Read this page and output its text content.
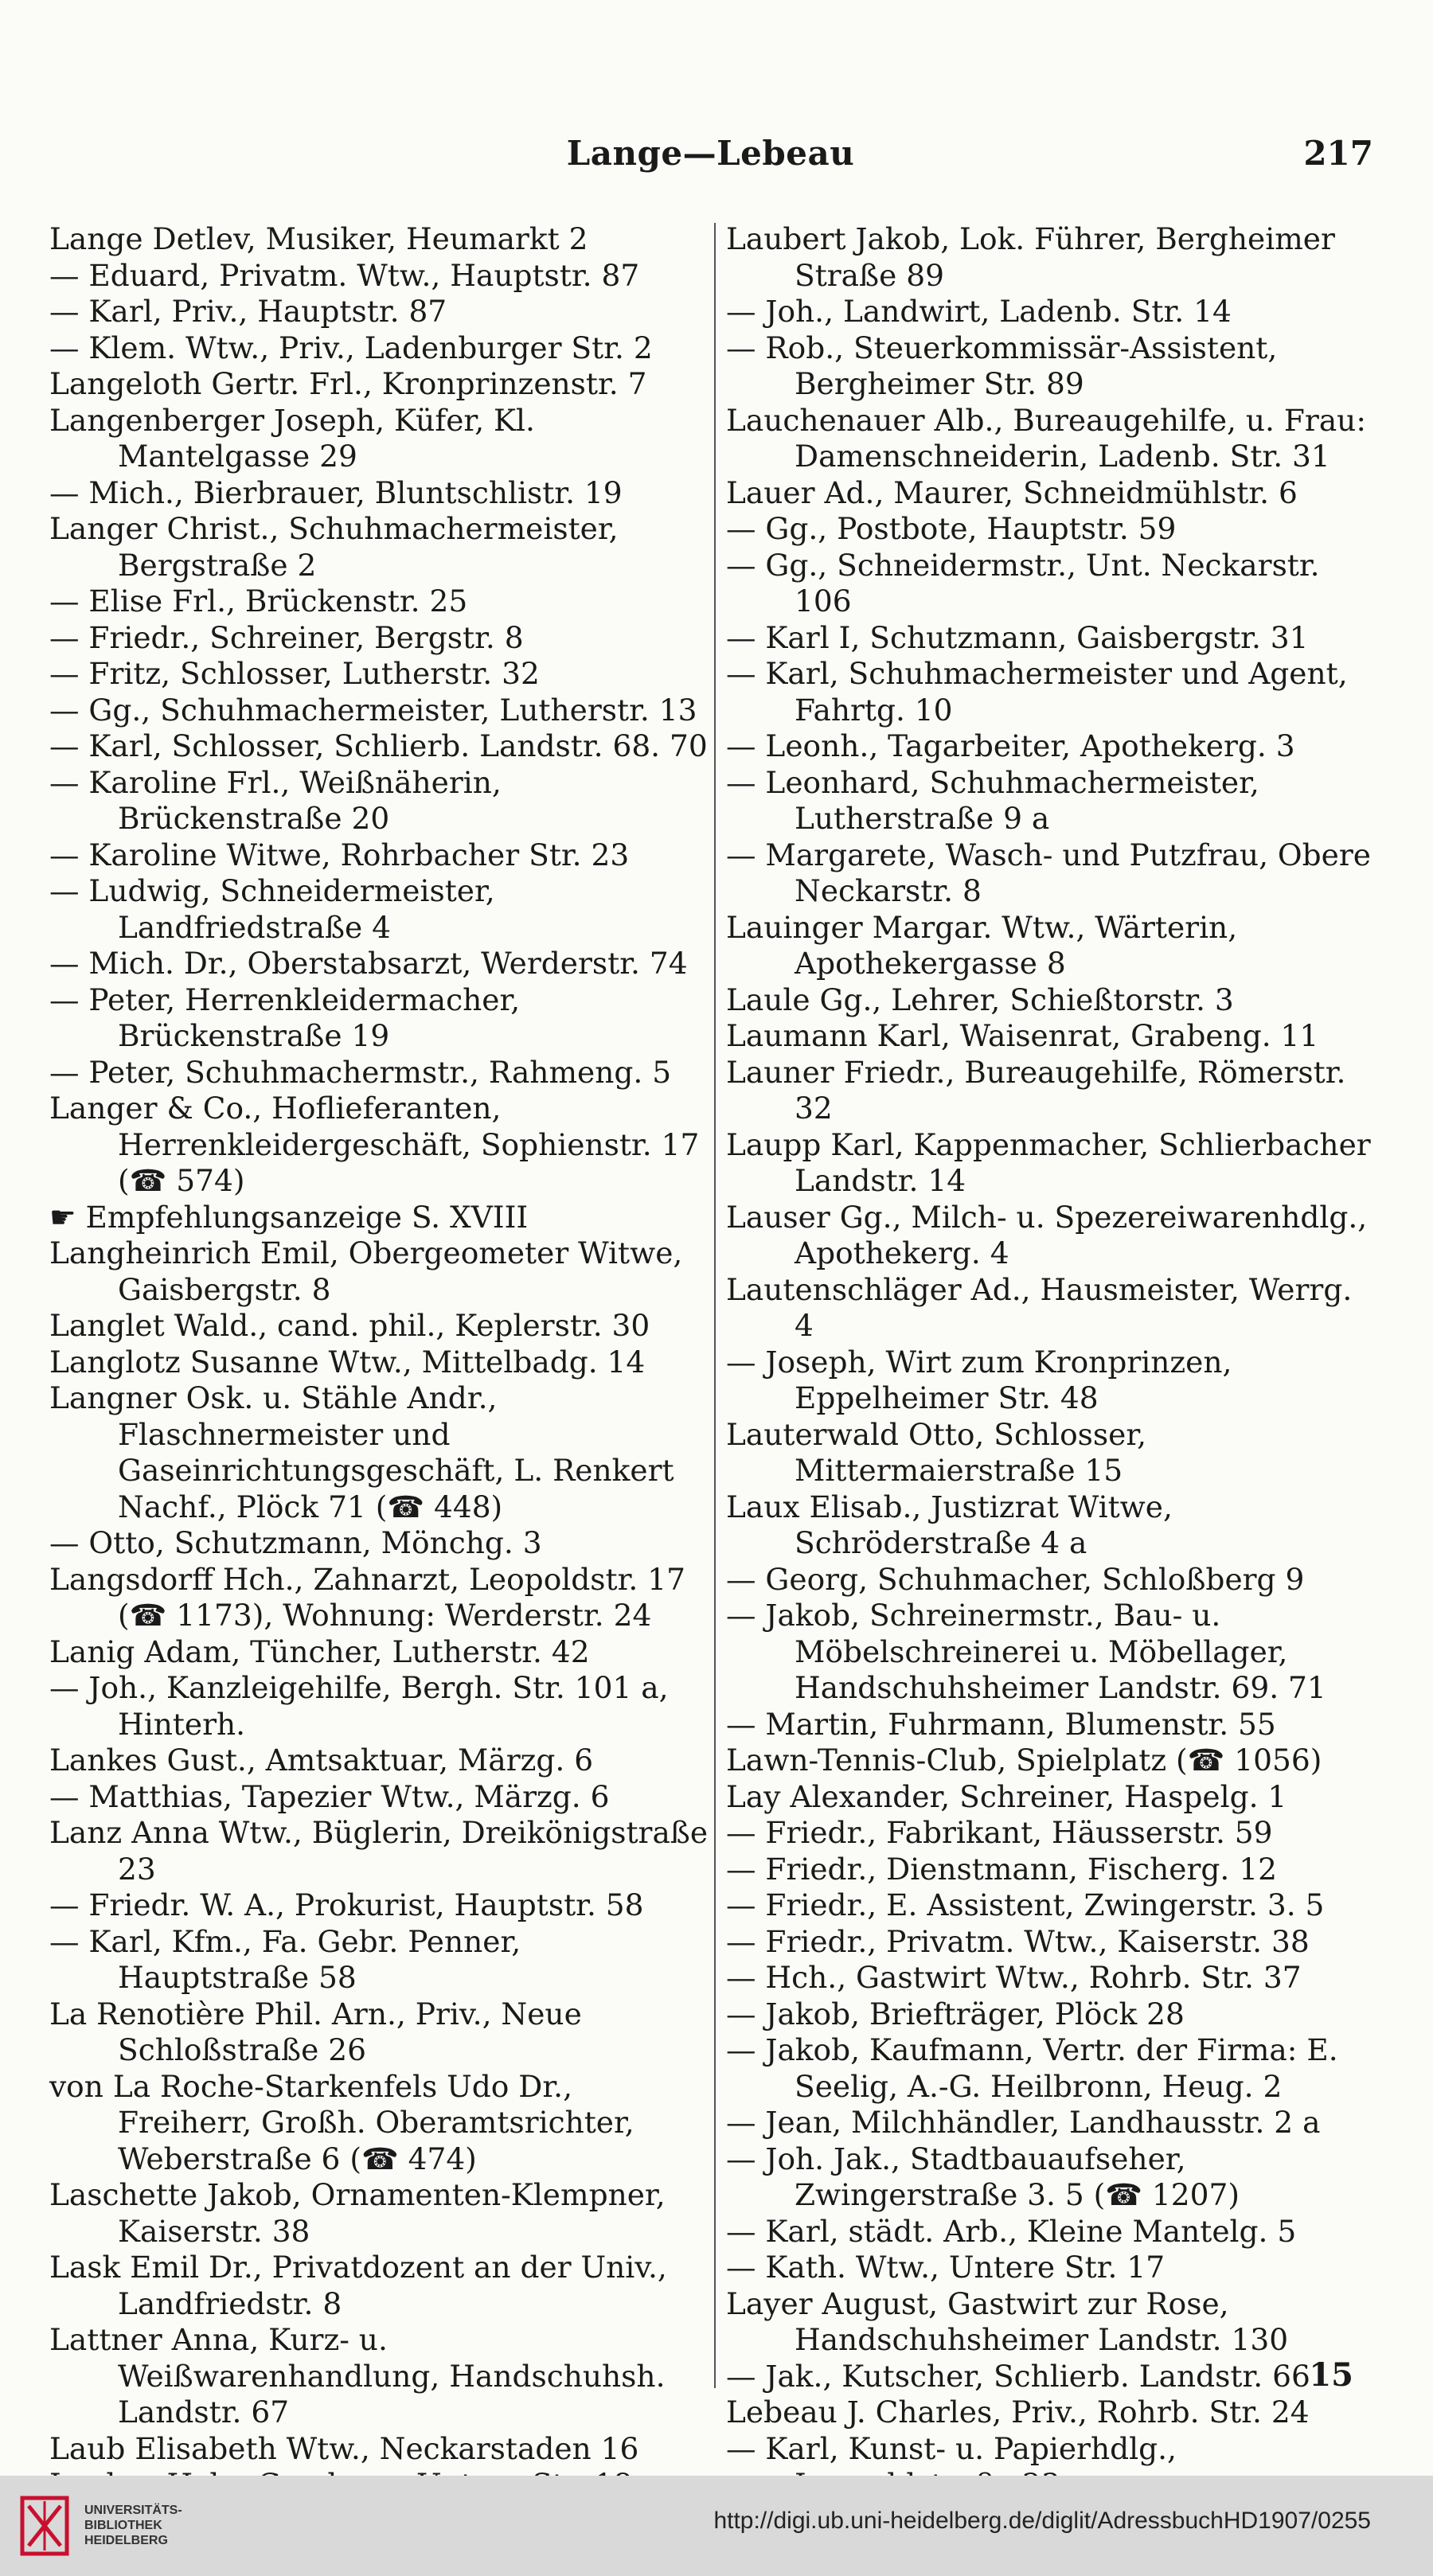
Lange—Lebeau	217
Lange Detlev, Musiker, Heumarkt 2
— Eduard, Privatm. Wtw., Hauptstr. 87
— Karl, Priv., Hauptstr. 87
— Klem. Wtw., Priv., Ladenburger Str. 2
Langeloth Gertr. Frl., Kronprinzenstr. 7
Langenberger Joseph, Küfer, Kl. Mantelgasse 29
— Mich., Bierbrauer, Bluntschlistr. 19
Langer Christ., Schuhmachermeister, Bergstraße 2
— Elise Frl., Brückenstr. 25
— Friedr., Schreiner, Bergstr. 8
— Fritz, Schlosser, Lutherstr. 32
— Gg., Schuhmachermeister, Lutherstr. 13
— Karl, Schlosser, Schlierb. Landstr. 68. 70
— Karoline Frl., Weißnäherin, Brückenstraße 20
— Karoline Witwe, Rohrbacher Str. 23
— Ludwig, Schneidermeister, Landfriedstraße 4
— Mich. Dr., Oberstabsarzt, Werderstr. 74
— Peter, Herrenkleidermacher, Brückenstraße 19
— Peter, Schuhmachermstr., Rahmeng. 5
Langer & Co., Hoflieferanten, Herrenkleidergeschäft, Sophienstr. 17 (☎ 574)
☛ Empfehlungsanzeige S. XVIII
Langheinrich Emil, Obergeometer Witwe, Gaisbergstr. 8
Langlet Wald., cand. phil., Keplerstr. 30
Langlotz Susanne Wtw., Mittelbadg. 14
Langner Osk. u. Stähle Andr., Flaschnermeister und Gaseinrichtungsgeschäft, L. Renkert Nachf., Plöck 71 (☎ 448)
— Otto, Schutzmann, Mönchg. 3
Langsdorff Hch., Zahnarzt, Leopoldstr. 17 (☎ 1173), Wohnung: Werderstr. 24
Lanig Adam, Tüncher, Lutherstr. 42
— Joh., Kanzleigehilfe, Bergh. Str. 101 a, Hinterh.
Lankes Gust., Amtsaktuar, Märzg. 6
— Matthias, Tapezier Wtw., Märzg. 6
Lanz Anna Wtw., Büglerin, Dreikönigstraße 23
— Friedr. W. A., Prokurist, Hauptstr. 58
— Karl, Kfm., Fa. Gebr. Penner, Hauptstraße 58
La Renotière Phil. Arn., Priv., Neue Schloßstraße 26
von La Roche-Starkenfels Udo Dr., Freiherr, Großh. Oberamtsrichter, Weberstraße 6 (☎ 474)
Laschette Jakob, Ornamenten-Klempner, Kaiserstr. 38
Lask Emil Dr., Privatdozent an der Univ., Landfriedstr. 8
Lattner Anna, Kurz- u. Weißwarenhandlung, Handschuhsh. Landstr. 67
Laub Elisabeth Wtw., Neckarstaden 16
Laubert Jakob, Lok. Führer, Bergheimer Straße 89
— Joh., Landwirt, Ladenb. Str. 14
— Rob., Steuerkommissär-Assistent, Bergheimer Str. 89
Lauchenauer Alb., Bureaugehilfe, u. Frau: Damenschneiderin, Ladenb. Str. 31
Lauer Ad., Maurer, Schneidmühlstr. 6
— Gg., Postbote, Hauptstr. 59
— Gg., Schneidermstr., Unt. Neckarstr. 106
— Karl I, Schutzmann, Gaisbergstr. 31
— Karl, Schuhmachermeister und Agent, Fahrtg. 10
— Leonh., Tagarbeiter, Apothekerg. 3
— Leonhard, Schuhmachermeister, Lutherstraße 9 a
— Margarete, Wasch- und Putzfrau, Obere Neckarstr. 8
Lauinger Margar. Wtw., Wärterin, Apothekergasse 8
Laule Gg., Lehrer, Schießtorstr. 3
Laumann Karl, Waisenrat, Grabeng. 11
Launer Friedr., Bureaugehilfe, Römerstr. 32
Laupp Karl, Kappenmacher, Schlierbacher Landstr. 14
Lauser Gg., Milch- u. Spezereiwarenhdlg., Apothekerg. 4
Lautenschläger Ad., Hausmeister, Werrg. 4
— Joseph, Wirt zum Kronprinzen, Eppelheimer Str. 48
Lauterwald Otto, Schlosser, Mittermaierstraße 15
Laux Elisab., Justizrat Witwe, Schröderstraße 4 a
— Georg, Schuhmacher, Schloßberg 9
— Jakob, Schreinermstr., Bau- u. Möbelschreinerei u. Möbellager, Handschuhsheimer Landstr. 69. 71
— Martin, Fuhrmann, Blumenstr. 55
Lawn-Tennis-Club, Spielplatz (☎ 1056)
Lay Alexander, Schreiner, Haspelg. 1
— Friedr., Fabrikant, Häusserstr. 59
— Friedr., Dienstmann, Fischerg. 12
— Friedr., E. Assistent, Zwingerstr. 3. 5
— Friedr., Privatm. Wtw., Kaiserstr. 38
— Hch., Gastwirt Wtw., Rohrb. Str. 37
— Jakob, Briefträger, Plöck 28
— Jakob, Kaufmann, Vertr. der Firma: E. Seelig, A.-G. Heilbronn, Heug. 2
— Jean, Milchhändler, Landhausstr. 2 a
— Joh. Jak., Stadtbauaufseher, Zwingerstraße 3. 5 (☎ 1207)
— Karl, städt. Arb., Kleine Mantelg. 5
— Kath. Wtw., Untere Str. 17
Layer August, Gastwirt zur Rose, Handschuhsheimer Landstr. 130
— Jak., Kutscher, Schlierb. Landstr. 66
Lebeau J. Charles, Priv., Rohrb. Str. 24
— Karl, Kunst- u. Papierhdlg.,
15
UNIVERSITÄTS-
BIBLIOTHEK
HEIDELBERG
http://digi.ub.uni-heidelberg.de/diglit/AdressbuchHD1907/0255
